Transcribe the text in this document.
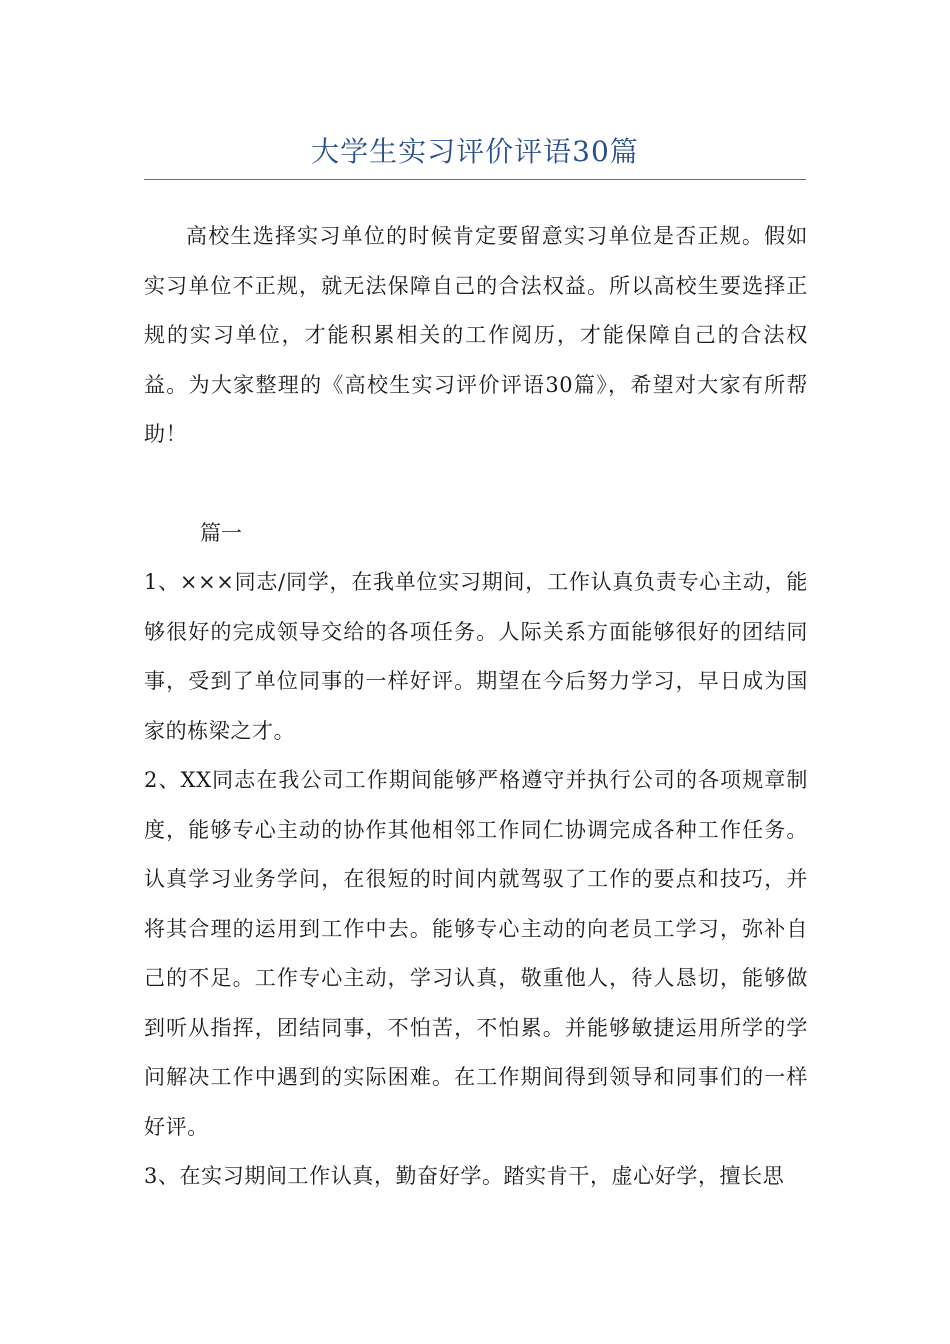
大学生实习评价评语30篇

高校生选择实习单位的时候肯定要留意实习单位是否正规。假如实习单位不正规，就无法保障自己的合法权益。所以高校生要选择正规的实习单位，才能积累相关的工作阅历，才能保障自己的合法权益。为大家整理的《高校生实习评价评语30篇》，希望对大家有所帮助！

篇一

1、×××同志/同学，在我单位实习期间，工作认真负责专心主动，能够很好的完成领导交给的各项任务。人际关系方面能够很好的团结同事，受到了单位同事的一样好评。期望在今后努力学习，早日成为国家的栋梁之才。

2、XX同志在我公司工作期间能够严格遵守并执行公司的各项规章制度，能够专心主动的协作其他相邻工作同仁协调完成各种工作任务。认真学习业务学问，在很短的时间内就驾驭了工作的要点和技巧，并将其合理的运用到工作中去。能够专心主动的向老员工学习，弥补自己的不足。工作专心主动，学习认真，敬重他人，待人恳切，能够做到听从指挥，团结同事，不怕苦，不怕累。并能够敏捷运用所学的学问解决工作中遇到的实际困难。在工作期间得到领导和同事们的一样好评。

3、在实习期间工作认真，勤奋好学。踏实肯干，虚心好学，擅长思
